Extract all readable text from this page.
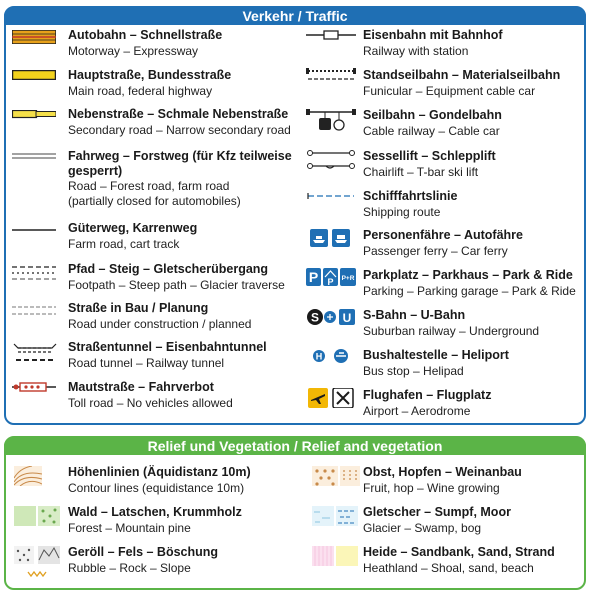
Verkehr / Traffic
Autobahn – Schnellstraße
Motorway – Expressway
Hauptstraße, Bundesstraße
Main road, federal highway
Nebenstraße – Schmale Nebenstraße
Secondary road – Narrow secondary road
Fahrweg – Forstweg (für Kfz teilweise
gesperrt)
Road – Forest road, farm road
(partially closed for automobiles)
Güterweg, Karrenweg
Farm road, cart track
Pfad – Steig – Gletscherübergang
Footpath – Steep path – Glacier traverse
Straße in Bau / Planung
Road under construction / planned
Straßentunnel – Eisenbahntunnel
Road tunnel – Railway tunnel
Mautstraße – Fahrverbot
Toll road – No vehicles allowed
Eisenbahn mit Bahnhof
Railway with station
Standseilbahn – Materialseilbahn
Funicular – Equipment cable car
Seilbahn – Gondelbahn
Cable railway – Cable car
Sessellift – Schlepplift
Chairlift – T-bar ski lift
Schifffahrtslinie
Shipping route
Personenfähre – Autofähre
Passenger ferry – Car ferry
P P P+R Parkplatz – Parkhaus – Park & Ride
Parking – Parking garage – Park & Ride
S U S-Bahn – U-Bahn
Suburban railway – Underground
H	Bushaltestelle – Heliport
Bus stop – Helipad
Flughafen – Flugplatz
Airport – Aerodrome
Relief und Vegetation / Relief and vegetation
Höhenlinien (Äquidistanz 10m)
Contour lines (equidistance 10m)
Wald – Latschen, Krummholz
Forest – Mountain pine
Geröll – Fels – Böschung
Rubble – Rock – Slope
Obst, Hopfen – Weinanbau
Fruit, hop – Wine growing
Gletscher – Sumpf, Moor
Glacier – Swamp, bog
Heide – Sandbank, Sand, Strand
Heathland – Shoal, sand, beach
